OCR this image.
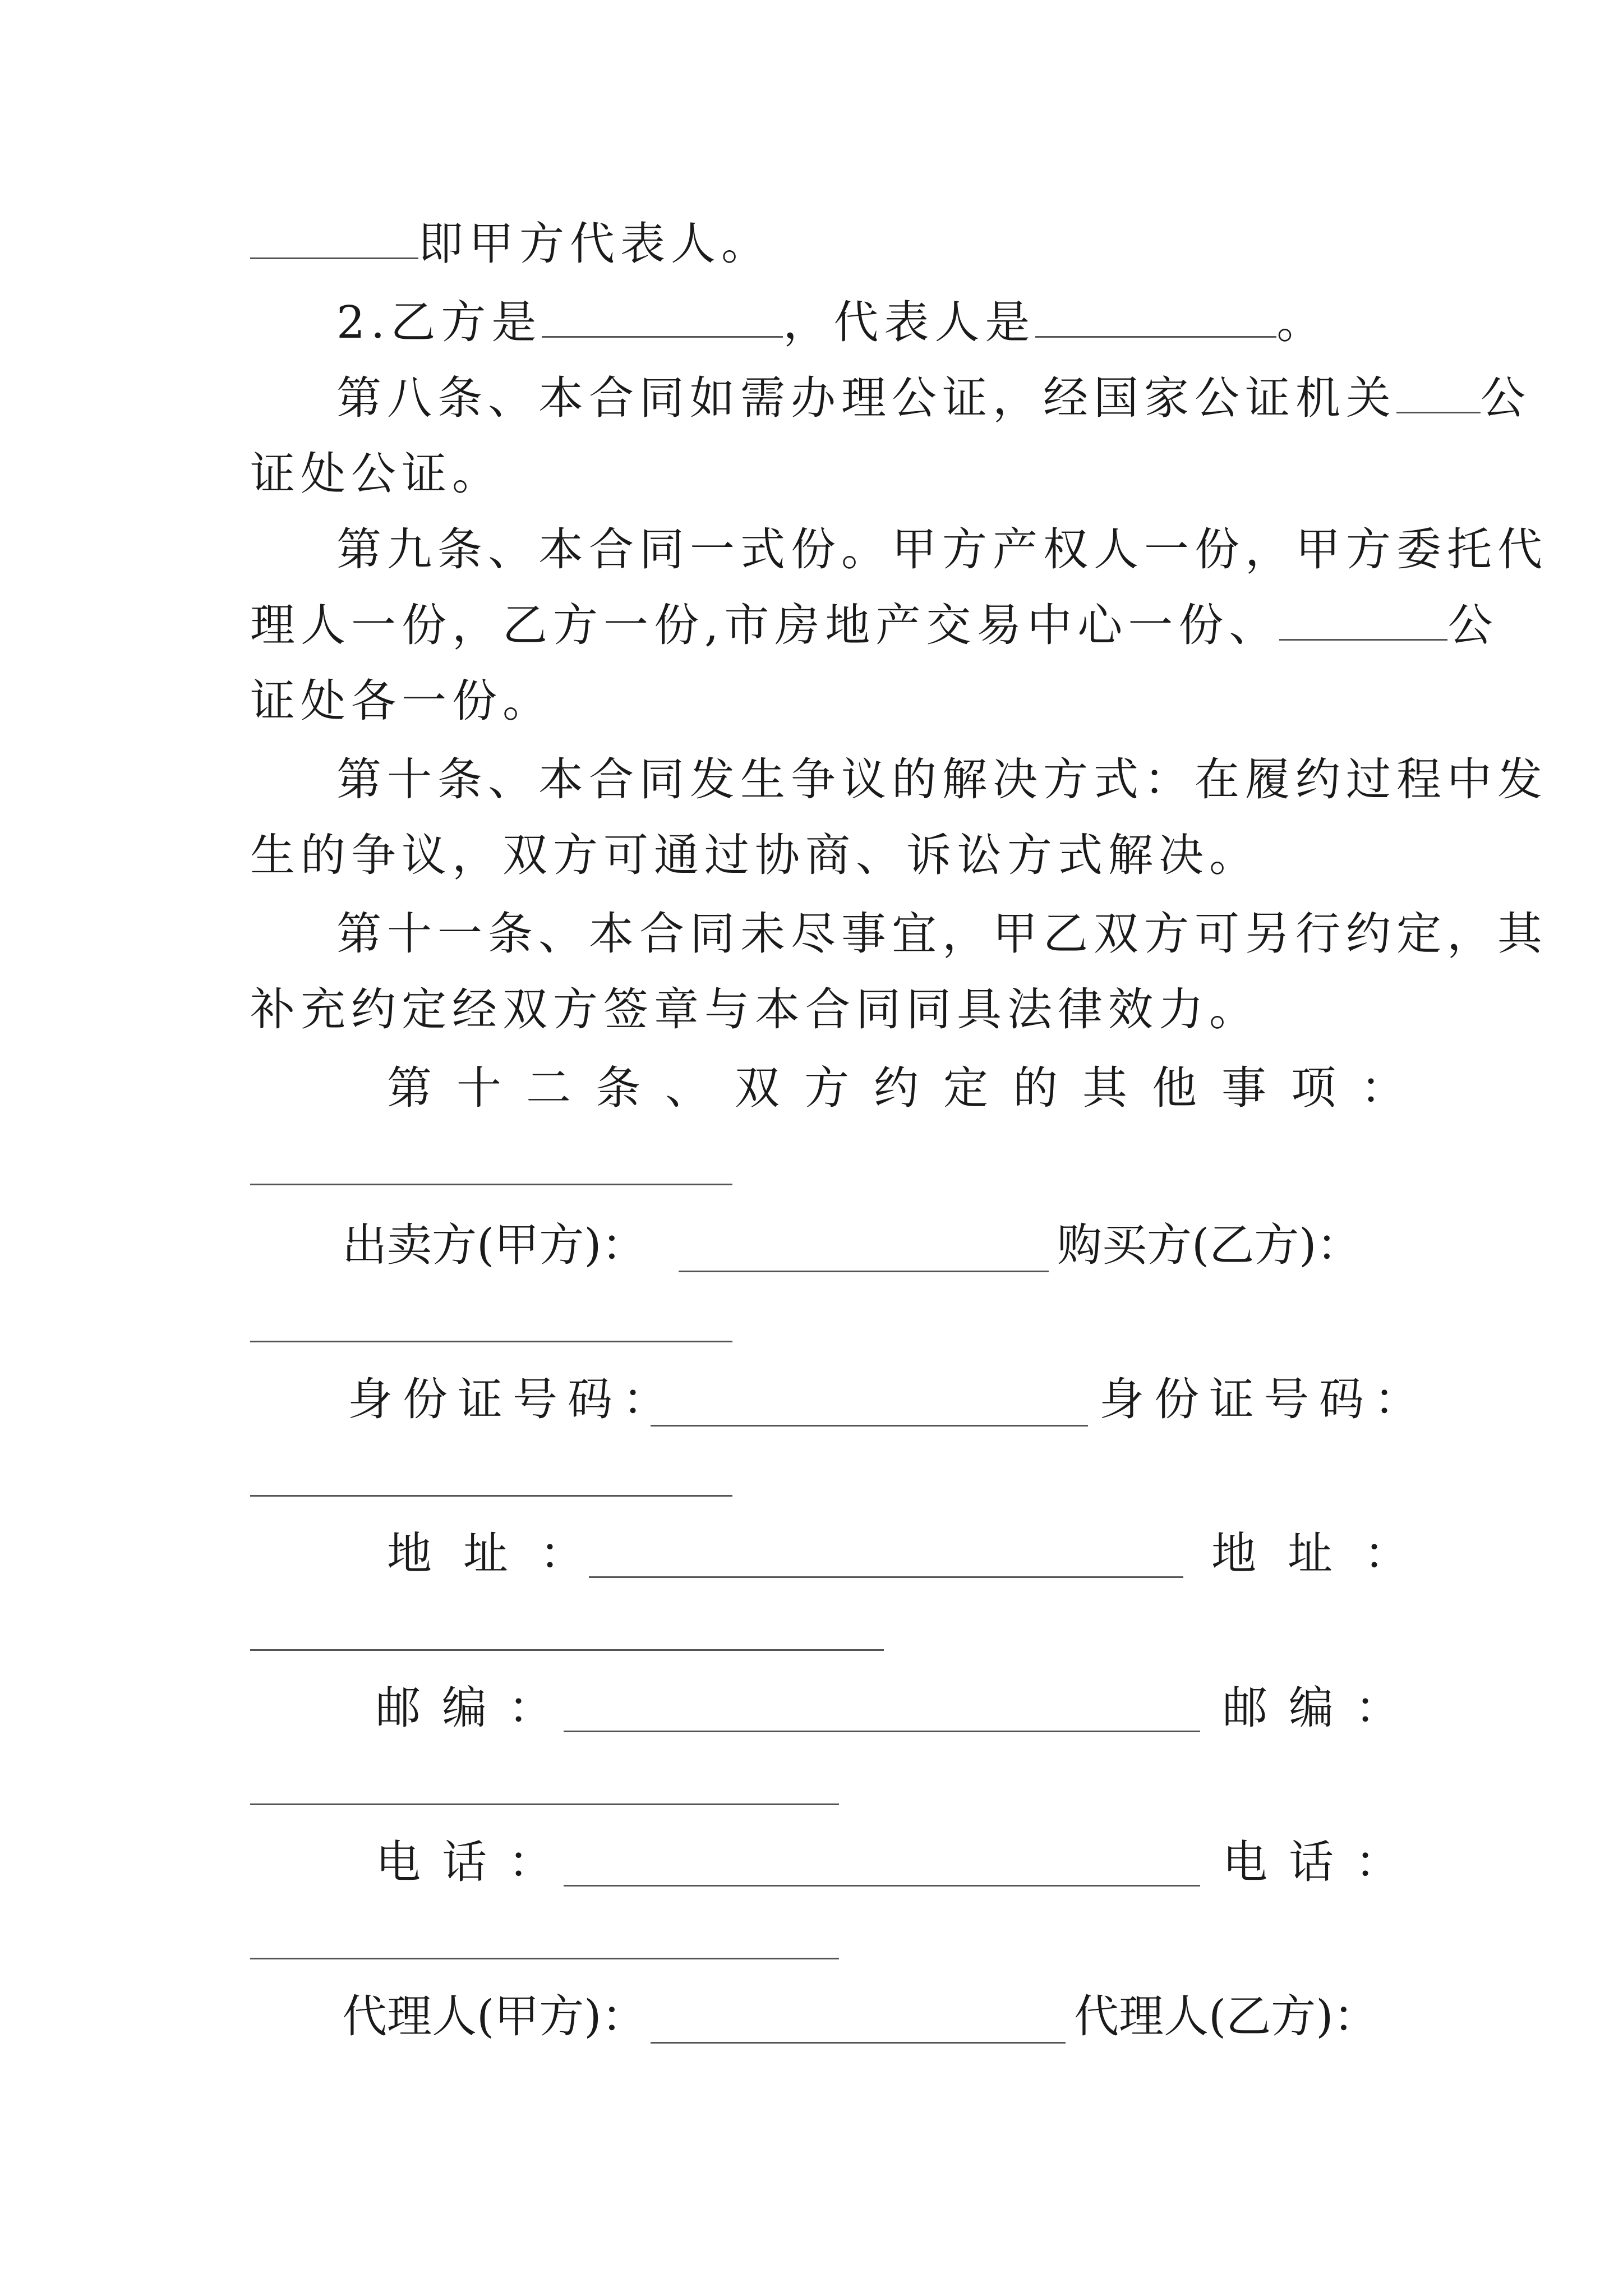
即甲方代表人。
2.乙方是	，代表人是	。
第八条、本合同如需办理公证，经国家公证机关 公
证处公证。
第九条、本合同一式份。甲方产权人一份，甲方委托代
理人一份，乙方一份,市房地产交易中心一份、	公
证处各一份。
第十条、本合同发生争议的解决方式：在履约过程中发
生的争议，双方可通过协商、诉讼方式解决。
第十一条、本合同未尽事宜，甲乙双方可另行约定，其
补充约定经双方签章与本合同同具法律效力。
第十二条、双方约定的其他事项：
出卖方(甲方)：	购买方(乙方)：
身份证号码：	身份证号码：
地址：	地址：
邮编：	邮编：
电话：	电话：
代理人(甲方)：	代理人(乙方)：
